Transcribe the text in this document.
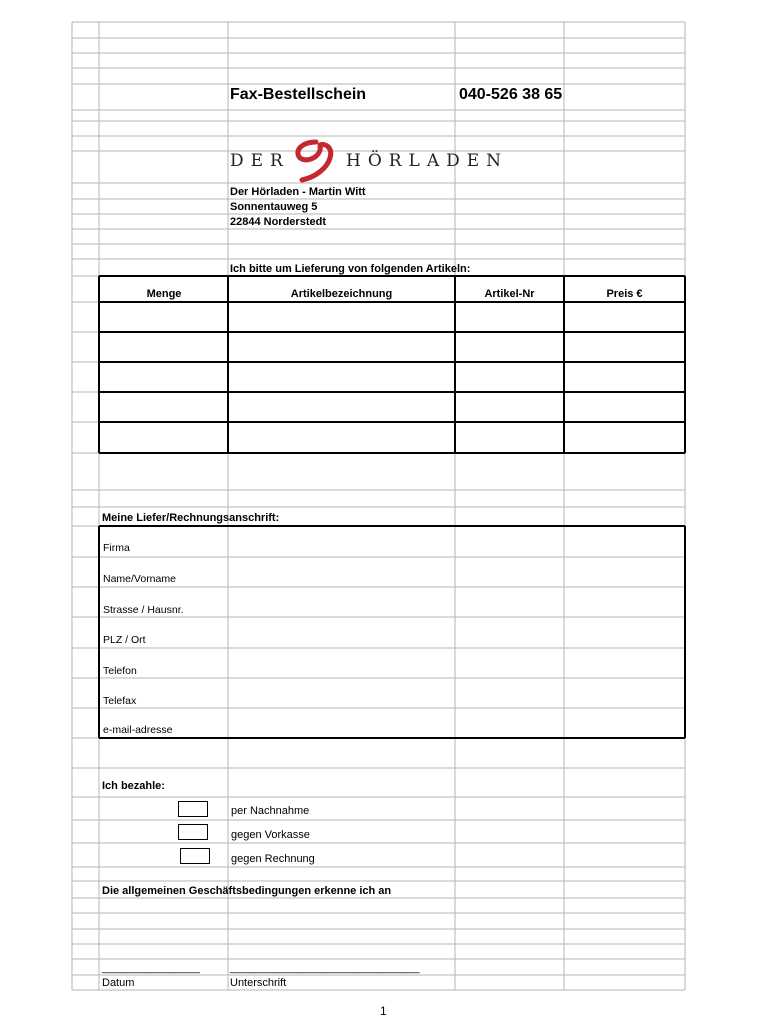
Fax-Bestellschein	040-526 38 65
DER	HÖRLADEN
Der Hörladen - Martin Witt
Sonnentauweg 5
22844 Norderstedt
Ich bitte um Lieferung von folgenden Artikeln:
Menge	Artikelbezeichnung	Artikel-Nr	Preis €
Meine Liefer/Rechnungsanschrift:
Firma
Name/Vorname
Strasse / Hausnr.
PLZ / Ort
Telefon
Telefax
e-mail-adresse
Ich bezahle:
per Nachnahme
gegen Vorkasse
gegen Rechnung
Die allgemeinen Geschäftsbedingungen erkenne ich an
________________	_______________________________
Datum	Unterschrift
1
